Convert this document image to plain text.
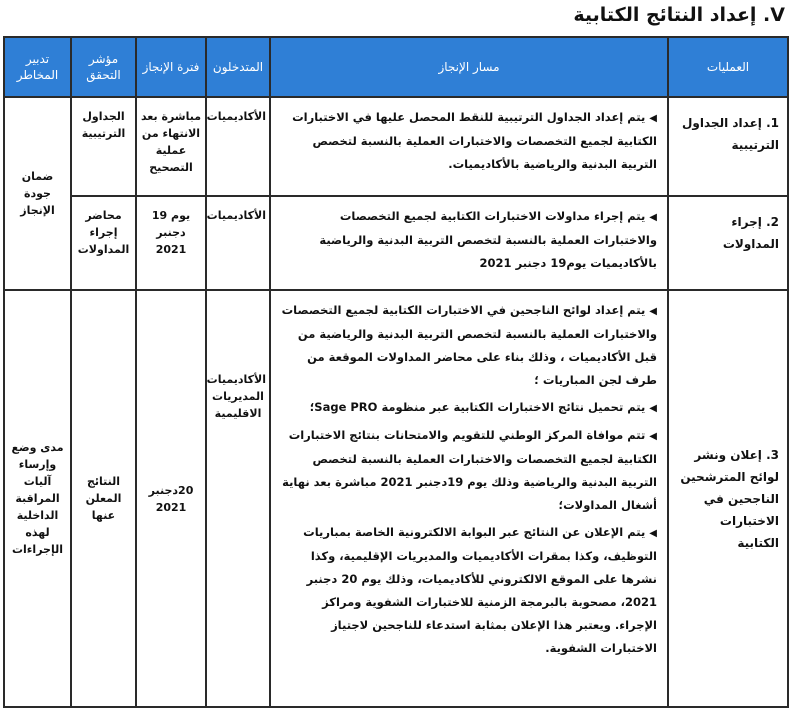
V. إعداد النتائج الكتابية
العمليات	مسار الإنجاز	المتدخلون	فترة الإنجاز	مؤشر التحقق	تدبير المخاطر
1. إعداد الجداول الترتيبية	◀يتم إعداد الجداول الترتيبية للنقط المحصل عليها في الاختبارات الكتابية لجميع التخصصات والاختبارات العملية بالنسبة لتخصص التربية البدنية والرياضية بالأكاديميات.	الأكاديميات	مباشرة بعد الانتهاء من عملية التصحيح	الجداول الترتيبية	ضمان جودة الإنجاز
2. إجراء المداولات	◀يتم إجراء مداولات الاختبارات الكتابية لجميع التخصصات والاختبارات العملية بالنسبة لتخصص التربية البدنية والرياضية بالأكاديميات يوم19 دجنبر 2021	الأكاديميات	يوم 19 دجنبر 2021	محاضر إجراء المداولات	
3. إعلان ونشر لوائح المترشحين الناجحين في الاختبارات الكتابية	◀يتم إعداد لوائح الناجحين في الاختبارات الكتابية لجميع التخصصات والاختبارات العملية بالنسبة لتخصص التربية البدنية والرياضية من قبل الأكاديميات ، وذلك بناء على محاضر المداولات الموقعة من طرف لجن المباريات ؛

◀يتم تحميل نتائج الاختبارات الكتابية عبر منظومة Sage PRO؛

◀تتم موافاة المركز الوطني للتقويم والامتحانات بنتائج الاختبارات الكتابية لجميع التخصصات والاختبارات العملية بالنسبة لتخصص التربية البدنية والرياضية وذلك يوم 19دجنبر 2021 مباشرة بعد نهاية أشغال المداولات؛

◀يتم الإعلان عن النتائج عبر البوابة الالكترونية الخاصة بمباريات التوظيف، وكذا بمقرات الأكاديميات والمديريات الإقليمية، وكذا نشرها على الموقع الالكتروني للأكاديميات، وذلك يوم 20 دجنبر 2021، مصحوبة بالبرمجة الزمنية للاختبارات الشفوية ومراكز الإجراء. ويعتبر هذا الإعلان بمثابة استدعاء للناجحين لاجتياز الاختبارات الشفوية.	الأكاديميات المديريات الاقليمية	20دجنبر 2021	النتائج المعلن عنها	مدى وضع وإرساء آليات المراقبة الداخلية لهذه الإجراءات
